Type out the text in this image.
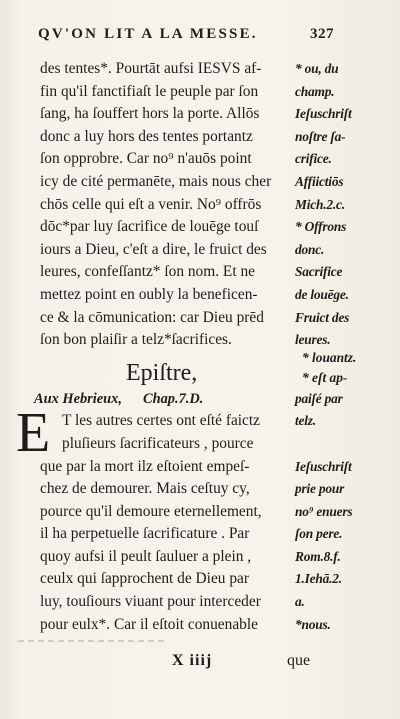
QV'ON LIT A LA MESSE.	327
des tentes*. Pourtāt aufsi IESVS af-	* ou, du
fin qu'il fanctifiaſt le peuple par ſon	champ.
ſang, ha ſouffert hors la porte. Allōs	Ieſuschriſt
donc a luy hors des tentes portantz	noſtre ſa-
ſon opprobre. Car no⁹ n'auōs point	crifice.
icy de cité permanēte, mais nous cher Affiictiōs
chōs celle qui eſt a venir. No⁹ offrōs	Mich.2.c.
dōc*par luy ſacrifice de louēge touſ	* Offrons
iours a Dieu, c'eſt a dire, le fruict des donc.
leures, confeſſantz* ſon nom. Et ne	Sacrifice
mettez point en oubly la beneficen-	de louēge.
ce & la cōmunication: car Dieu prēd Fruict des
ſon bon plaiſir a telz*ſacrifices.	leures.
Epiſtre,
* louantz.
* eſt ap-
Aux Hebrieux, Chap.7.D.	paiſé par
E T les autres certes ont eſté faictz	telz.
pluſieurs ſacrificateurs , pource
que par la mort ilz eſtoient empeſ-	Ieſuschriſt
chez de demourer. Mais ceſtuy cy,	prie pour
pource qu'il demoure eternellement, no⁹ enuers
il ha perpetuelle ſacrificature . Par	ſon pere.
quoy aufsi il peult ſauluer a plein ,	Rom.8.f.
ceulx qui ſapprochent de Dieu par	1.Iehā.2.
luy, touſiours viuant pour interceder	a.
pour eulx*. Car il eſtoit conuenable	*nous.
X iiij	que
